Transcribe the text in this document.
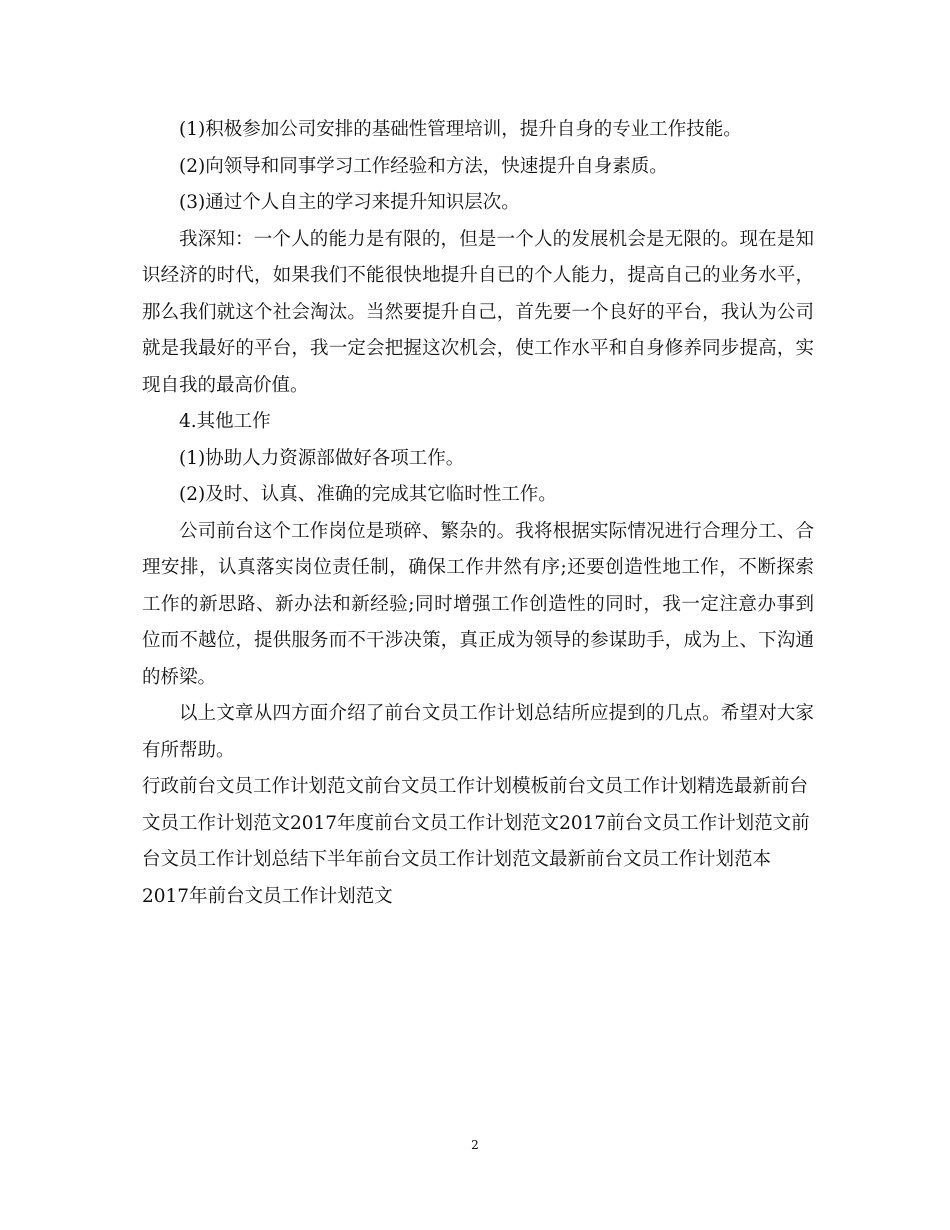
(1)积极参加公司安排的基础性管理培训，提升自身的专业工作技能。

(2)向领导和同事学习工作经验和方法，快速提升自身素质。

(3)通过个人自主的学习来提升知识层次。

我深知：一个人的能力是有限的，但是一个人的发展机会是无限的。现在是知识经济的时代，如果我们不能很快地提升自已的个人能力，提高自己的业务水平，那么我们就这个社会淘汰。当然要提升自己，首先要一个良好的平台，我认为公司就是我最好的平台，我一定会把握这次机会，使工作水平和自身修养同步提高，实现自我的最高价值。

4.其他工作

(1)协助人力资源部做好各项工作。

(2)及时、认真、准确的完成其它临时性工作。

公司前台这个工作岗位是琐碎、繁杂的。我将根据实际情况进行合理分工、合理安排，认真落实岗位责任制，确保工作井然有序;还要创造性地工作，不断探索工作的新思路、新办法和新经验;同时增强工作创造性的同时，我一定注意办事到位而不越位，提供服务而不干涉决策，真正成为领导的参谋助手，成为上、下沟通的桥梁。

以上文章从四方面介绍了前台文员工作计划总结所应提到的几点。希望对大家有所帮助。

行政前台文员工作计划范文前台文员工作计划模板前台文员工作计划精选最新前台
文员工作计划范文2017年度前台文员工作计划范文2017前台文员工作计划范文前
台文员工作计划总结下半年前台文员工作计划范文最新前台文员工作计划范本
2017年前台文员工作计划范文
2
